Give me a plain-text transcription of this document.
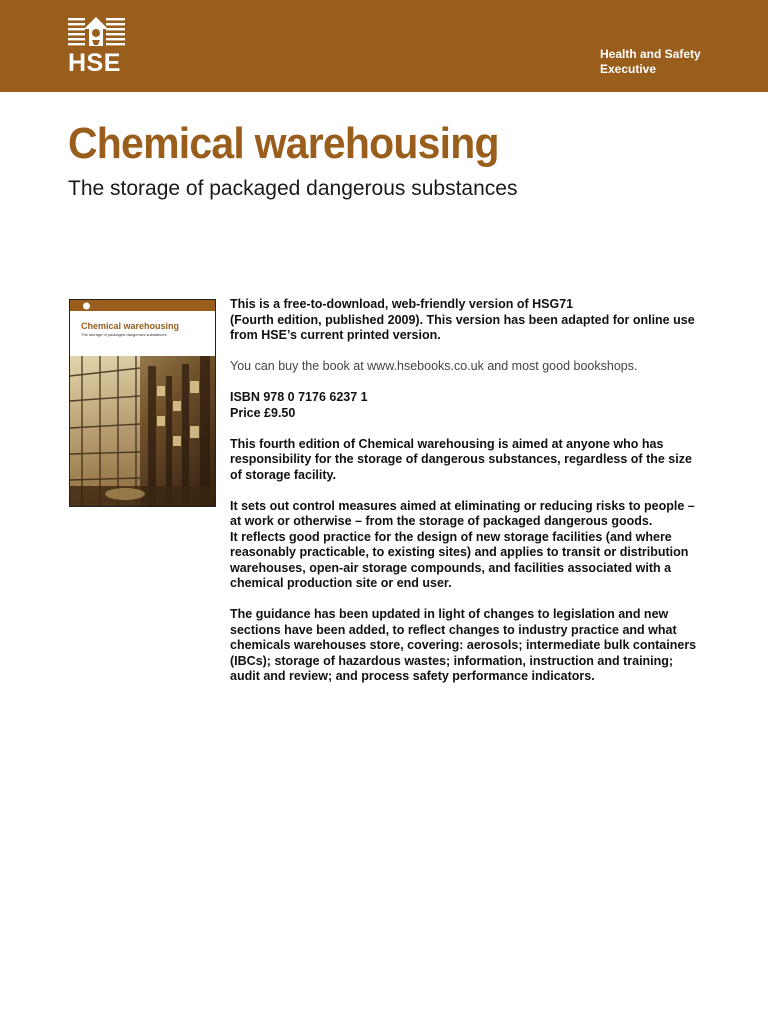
HSE	Health and Safety
Executive
Chemical warehousing
The storage of packaged dangerous substances
Chemical warehousing
The storage of packaged dangerous substances

This is a free-to-download, web-friendly version of HSG71
(Fourth edition, published 2009). This version has been adapted for online use
from HSE’s current printed version.

You can buy the book at www.hsebooks.co.uk and most good bookshops.

ISBN 978 0 7176 6237 1
Price £9.50

This fourth edition of Chemical warehousing is aimed at anyone who has responsibility for the storage of dangerous substances, regardless of the size of storage facility.

It sets out control measures aimed at eliminating or reducing risks to people – at work or otherwise – from the storage of packaged dangerous goods.

It reflects good practice for the design of new storage facilities (and where reasonably practicable, to existing sites) and applies to transit or distribution warehouses, open-air storage compounds, and facilities associated with a chemical production site or end user.

The guidance has been updated in light of changes to legislation and new sections have been added, to reflect changes to industry practice and what chemicals warehouses store, covering: aerosols; intermediate bulk containers (IBCs); storage of hazardous wastes; information, instruction and training; audit and review; and process safety performance indicators.
